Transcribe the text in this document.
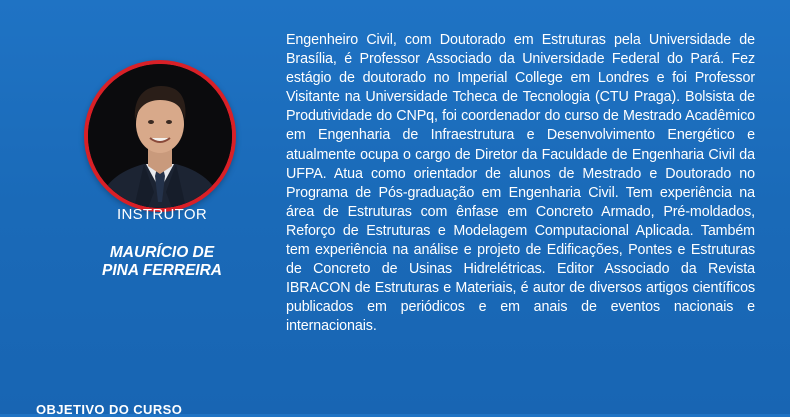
INSTRUTOR
MAURÍCIO DE
PINA FERREIRA
Engenheiro Civil, com Doutorado em Estruturas pela Universidade de Brasília, é Professor Associado da Universidade Federal do Pará. Fez estágio de doutorado no Imperial College em Londres e foi Professor Visitante na Universidade Tcheca de Tecnologia (CTU Praga). Bolsista de Produtividade do CNPq, foi coordenador do curso de Mestrado Acadêmico em Engenharia de Infraestrutura e Desenvolvimento Energético e atualmente ocupa o cargo de Diretor da Faculdade de Engenharia Civil da UFPA. Atua como orientador de alunos de Mestrado e Doutorado no Programa de Pós-graduação em Engenharia Civil. Tem experiência na área de Estruturas com ênfase em Concreto Armado, Pré-moldados, Reforço de Estruturas e Modelagem Computacional Aplicada. Também tem experiência na análise e projeto de Edificações, Pontes e Estruturas de Concreto de Usinas Hidrelétricas. Editor Associado da Revista IBRACON de Estruturas e Materiais, é autor de diversos artigos científicos publicados em periódicos e em anais de eventos nacionais e internacionais.
OBJETIVO DO CURSO
